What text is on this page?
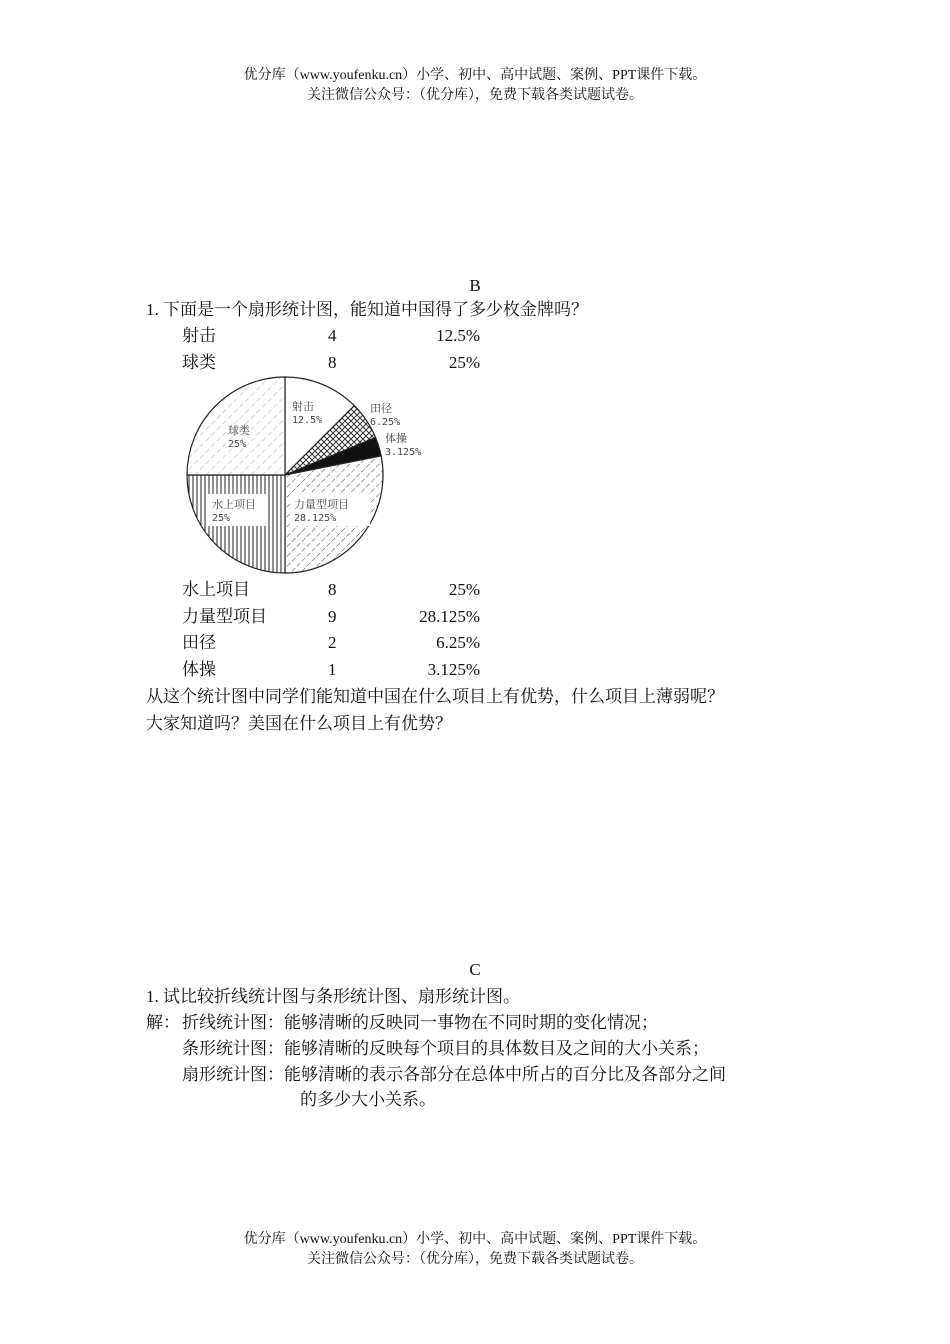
优分库（www.youfenku.cn）小学、初中、高中试题、案例、PPT课件下载。
关注微信公众号：（优分库），免费下载各类试题试卷。
B
1. 下面是一个扇形统计图，能知道中国得了多少枚金牌吗？
射击	4	12.5%
球类	8	25%
射击
12.5%
田径
6.25%
体操
3.125%
力量型项目
28.125%
水上项目
25%
球类
25%
水上项目	8	25%
力量型项目	9	28.125%
田径	2	6.25%
体操	1	3.125%
从这个统计图中同学们能知道中国在什么项目上有优势，什么项目上薄弱呢？
大家知道吗？美国在什么项目上有优势？
C
1. 试比较折线统计图与条形统计图、扇形统计图。
解： 折线统计图：能够清晰的反映同一事物在不同时期的变化情况；
条形统计图：能够清晰的反映每个项目的具体数目及之间的大小关系；
扇形统计图：能够清晰的表示各部分在总体中所占的百分比及各部分之间
的多少大小关系。
优分库（www.youfenku.cn）小学、初中、高中试题、案例、PPT课件下载。
关注微信公众号：（优分库），免费下载各类试题试卷。
